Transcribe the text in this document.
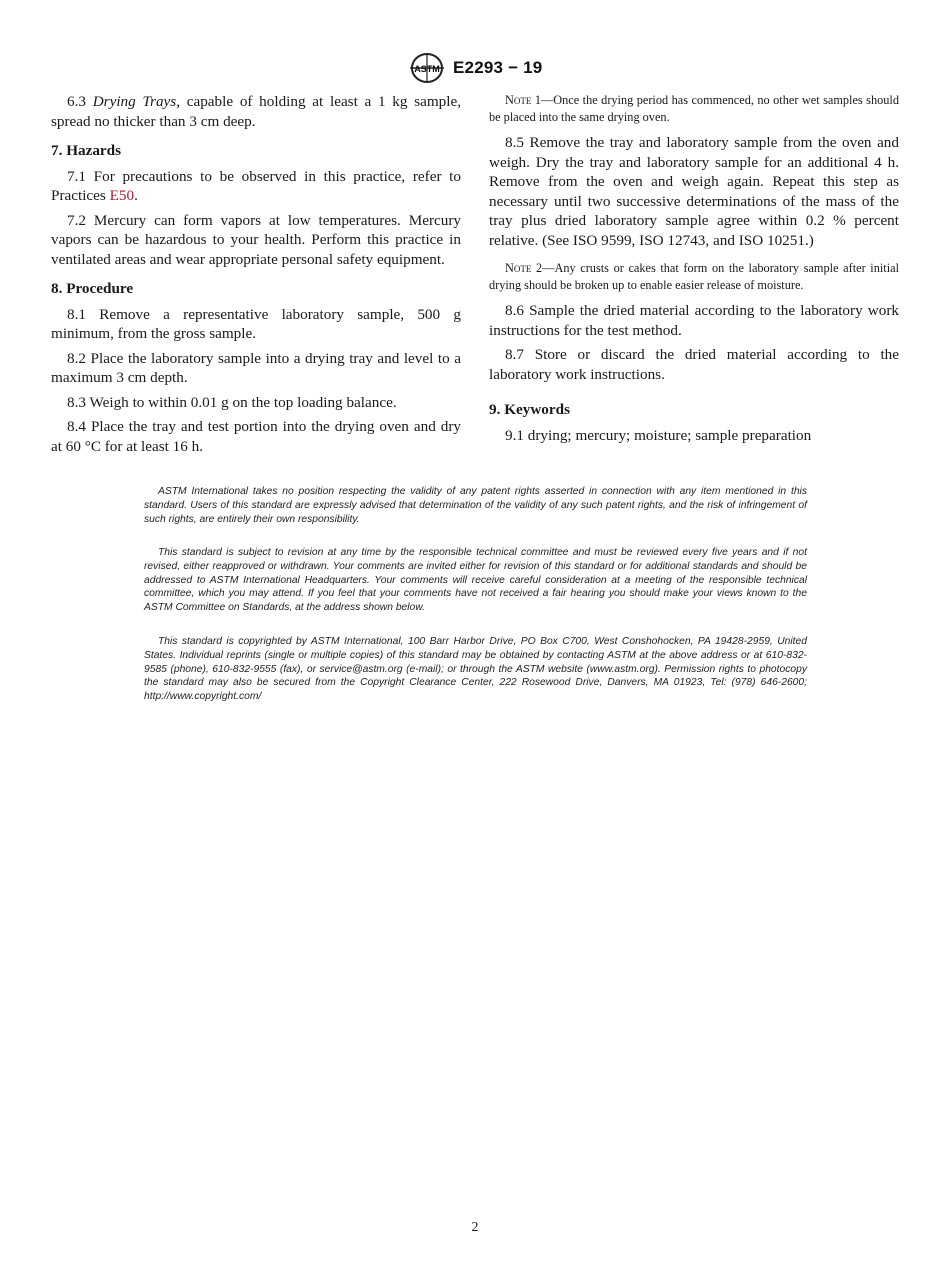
ASTM E2293 − 19

6.3 Drying Trays, capable of holding at least a 1 kg sample, spread no thicker than 3 cm deep.

7. Hazards

7.1 For precautions to be observed in this practice, refer to Practices E50.

7.2 Mercury can form vapors at low temperatures. Mercury vapors can be hazardous to your health. Perform this practice in ventilated areas and wear appropriate personal safety equipment.

8. Procedure

8.1 Remove a representative laboratory sample, 500 g minimum, from the gross sample.

8.2 Place the laboratory sample into a drying tray and level to a maximum 3 cm depth.

8.3 Weigh to within 0.01 g on the top loading balance.

8.4 Place the tray and test portion into the drying oven and dry at 60 °C for at least 16 h.

Note 1—Once the drying period has commenced, no other wet samples should be placed into the same drying oven.

8.5 Remove the tray and laboratory sample from the oven and weigh. Dry the tray and laboratory sample for an additional 4 h. Remove from the oven and weigh again. Repeat this step as necessary until two successive determinations of the mass of the tray plus dried laboratory sample agree within 0.2 % percent relative. (See ISO 9599, ISO 12743, and ISO 10251.)

Note 2—Any crusts or cakes that form on the laboratory sample after initial drying should be broken up to enable easier release of moisture.

8.6 Sample the dried material according to the laboratory work instructions for the test method.

8.7 Store or discard the dried material according to the laboratory work instructions.

9. Keywords

9.1 drying; mercury; moisture; sample preparation

ASTM International takes no position respecting the validity of any patent rights asserted in connection with any item mentioned in this standard. Users of this standard are expressly advised that determination of the validity of any such patent rights, and the risk of infringement of such rights, are entirely their own responsibility.

This standard is subject to revision at any time by the responsible technical committee and must be reviewed every five years and if not revised, either reapproved or withdrawn. Your comments are invited either for revision of this standard or for additional standards and should be addressed to ASTM International Headquarters. Your comments will receive careful consideration at a meeting of the responsible technical committee, which you may attend. If you feel that your comments have not received a fair hearing you should make your views known to the ASTM Committee on Standards, at the address shown below.

This standard is copyrighted by ASTM International, 100 Barr Harbor Drive, PO Box C700, West Conshohocken, PA 19428-2959, United States. Individual reprints (single or multiple copies) of this standard may be obtained by contacting ASTM at the above address or at 610-832-9585 (phone), 610-832-9555 (fax), or service@astm.org (e-mail); or through the ASTM website (www.astm.org). Permission rights to photocopy the standard may also be secured from the Copyright Clearance Center, 222 Rosewood Drive, Danvers, MA 01923, Tel: (978) 646-2600; http://www.copyright.com/

2
